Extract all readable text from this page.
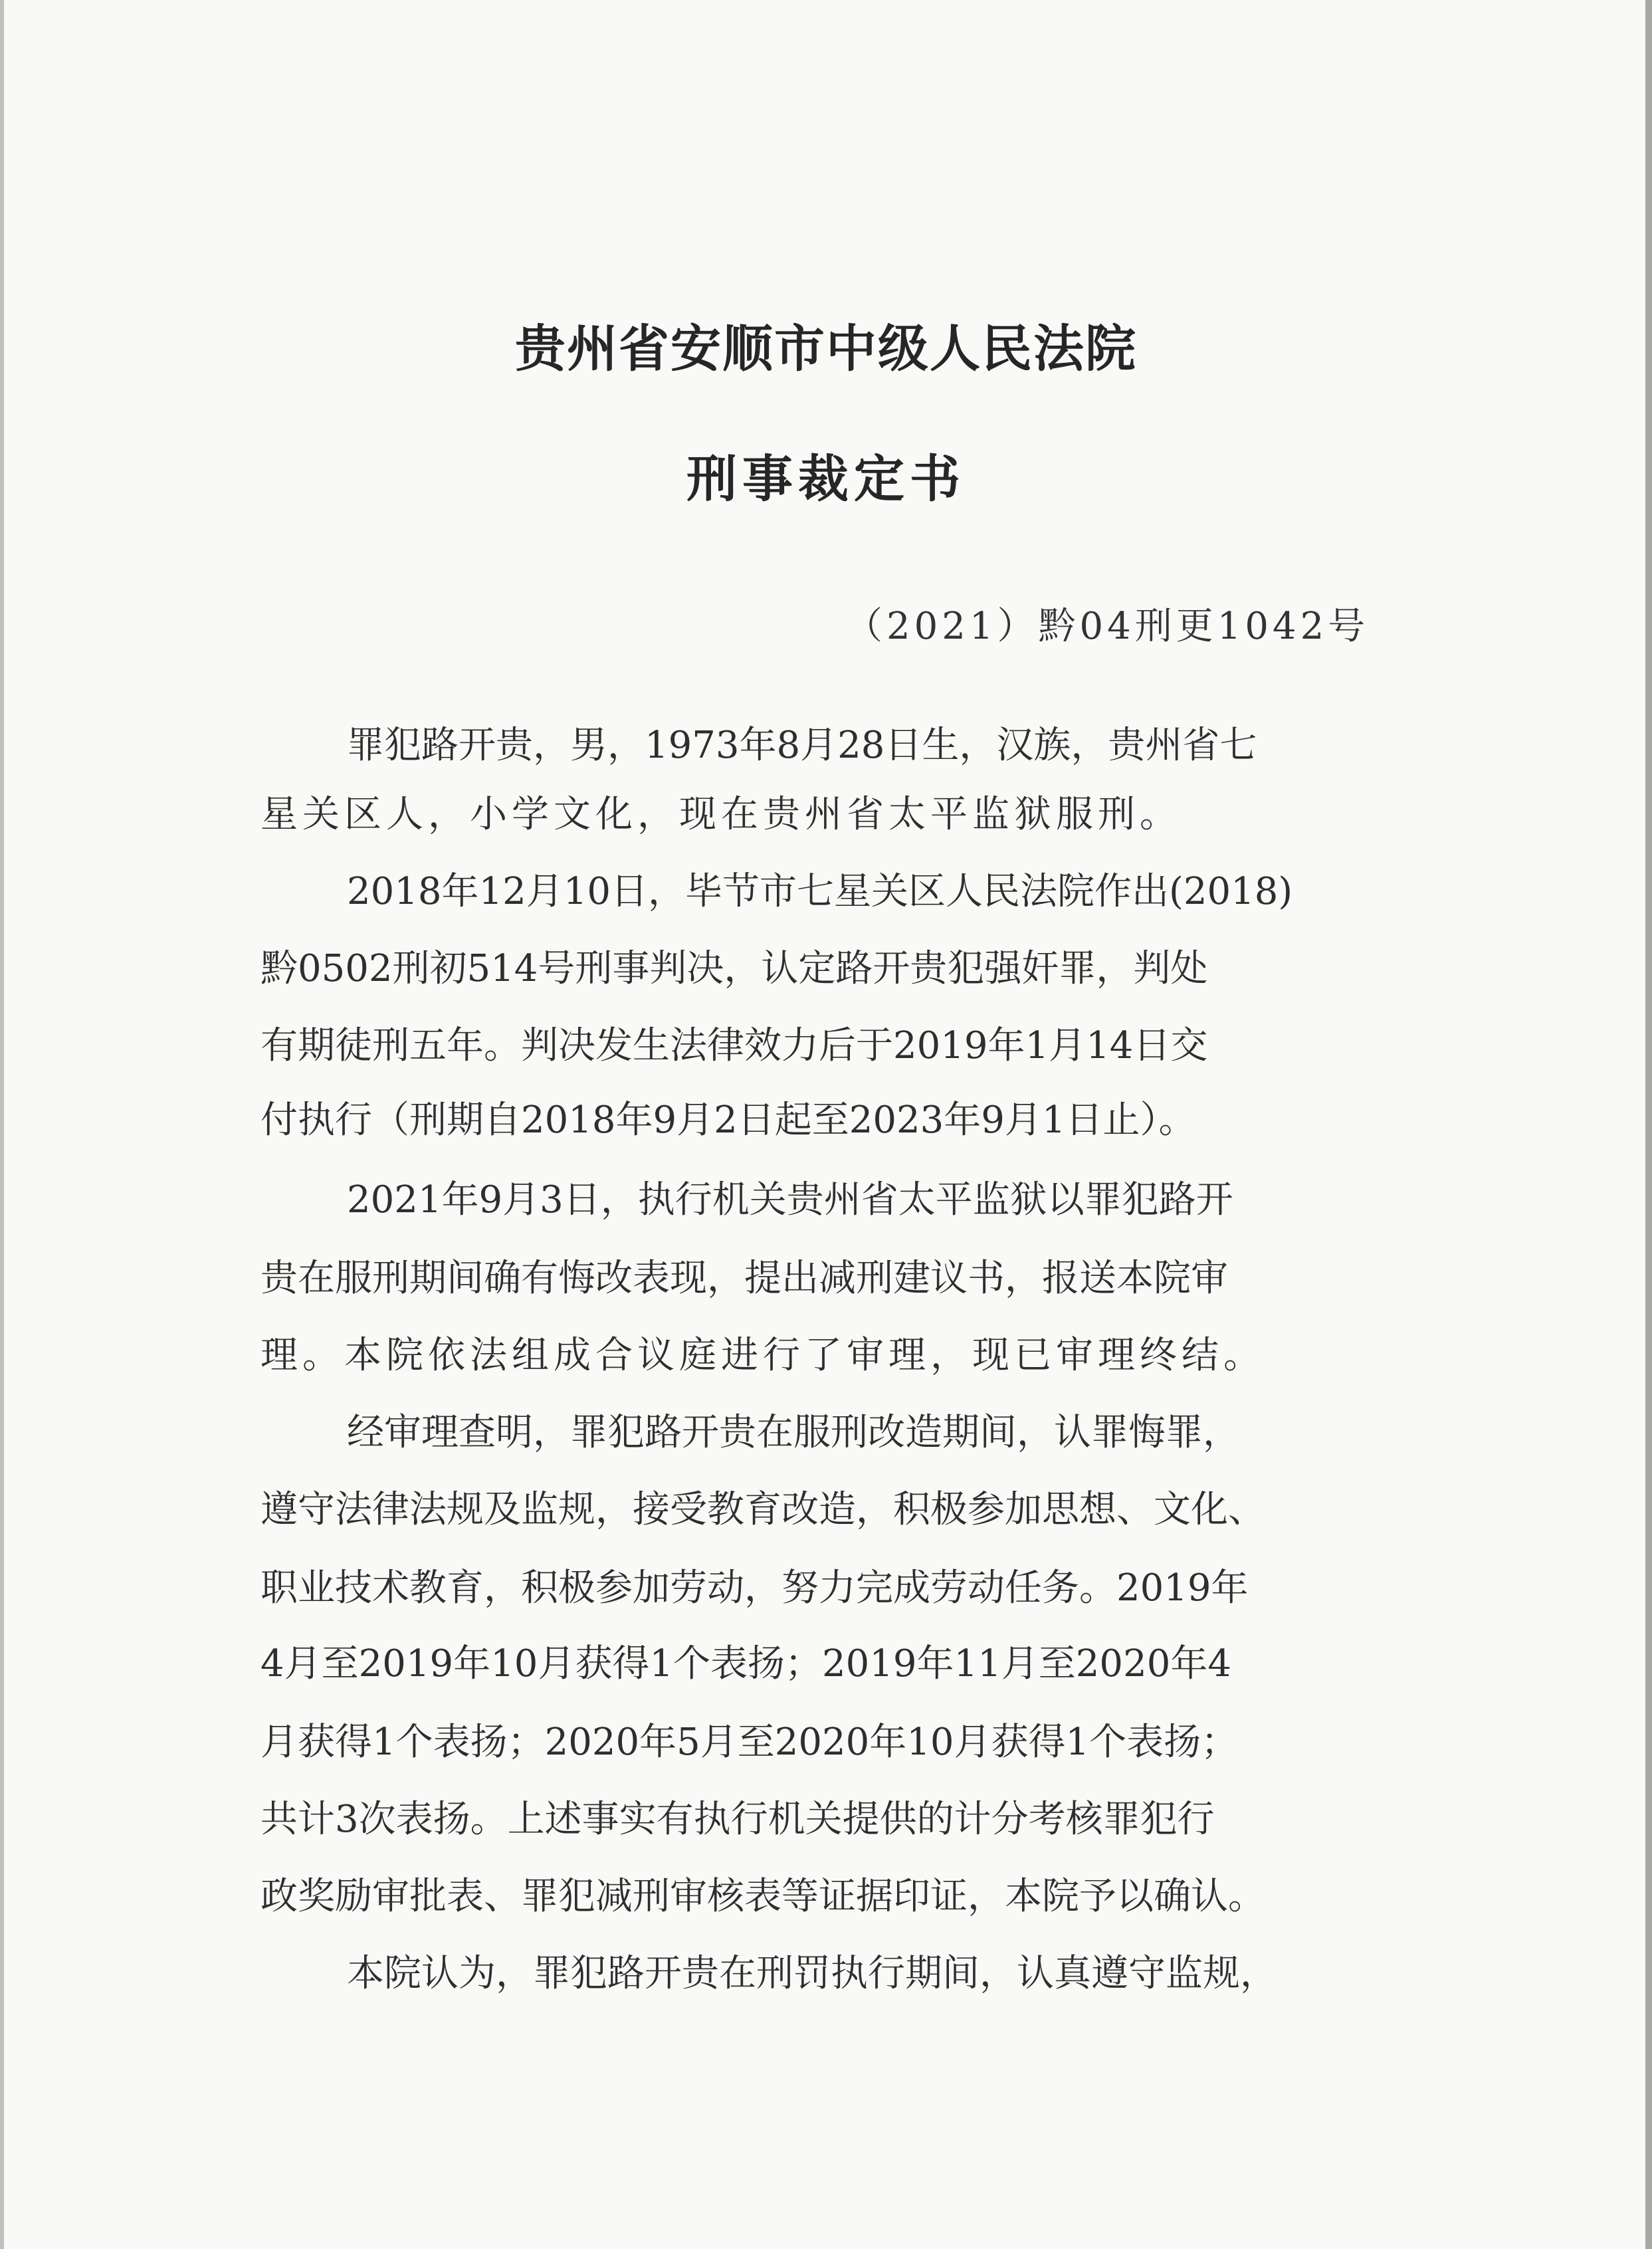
贵州省安顺市中级人民法院
刑事裁定书
（2021）黔04刑更1042号
罪犯路开贵，男，1973年8月28日生，汉族，贵州省七
星关区人，小学文化，现在贵州省太平监狱服刑。
2018年12月10日，毕节市七星关区人民法院作出(2018)
黔0502刑初514号刑事判决，认定路开贵犯强奸罪，判处
有期徒刑五年。判决发生法律效力后于2019年1月14日交
付执行（刑期自2018年9月2日起至2023年9月1日止）。
2021年9月3日，执行机关贵州省太平监狱以罪犯路开
贵在服刑期间确有悔改表现，提出减刑建议书，报送本院审
理。本院依法组成合议庭进行了审理，现已审理终结。
经审理查明，罪犯路开贵在服刑改造期间，认罪悔罪，
遵守法律法规及监规，接受教育改造，积极参加思想、文化、
职业技术教育，积极参加劳动，努力完成劳动任务。2019年
4月至2019年10月获得1个表扬；2019年11月至2020年4
月获得1个表扬；2020年5月至2020年10月获得1个表扬；
共计3次表扬。上述事实有执行机关提供的计分考核罪犯行
政奖励审批表、罪犯减刑审核表等证据印证，本院予以确认。
本院认为，罪犯路开贵在刑罚执行期间，认真遵守监规，
